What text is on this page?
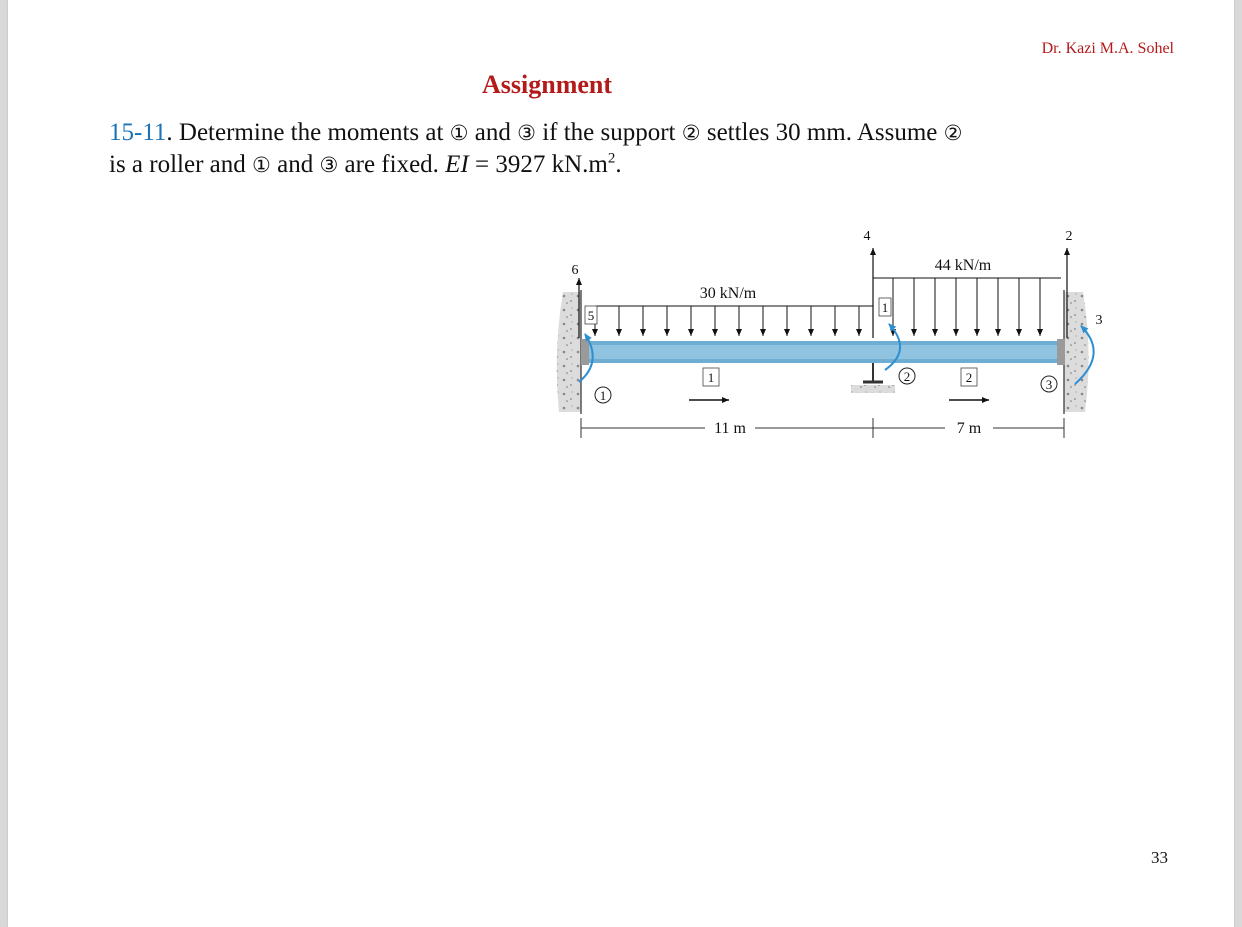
Dr. Kazi M.A. Sohel
Assignment
15-11. Determine the moments at ① and ③ if the support ② settles 30 mm. Assume ②
is a roller and ① and ③ are fixed. EI = 3927 $kN.m^2$.
30 kN/m
44 kN/m
6
4	2
5
1
3
1
2
3
1	2
11 m	7 m
33
